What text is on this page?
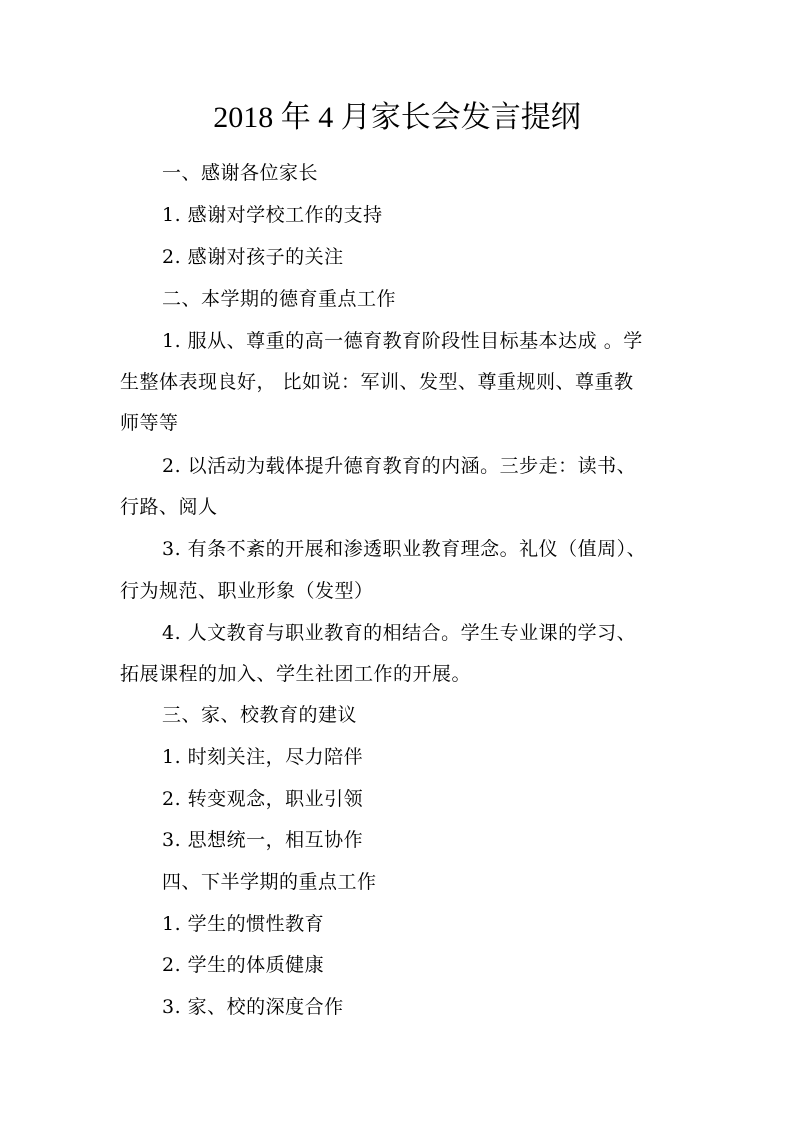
2018 年 4 月家长会发言提纲
一、感谢各位家长
1. 感谢对学校工作的支持
2. 感谢对孩子的关注
二、本学期的德育重点工作
1. 服从、尊重的高一德育教育阶段性目标基本达成 。学
生整体表现良好， 比如说：军训、发型、尊重规则、尊重教
师等等
2. 以活动为载体提升德育教育的内涵。三步走：读书、
行路、阅人
3. 有条不紊的开展和渗透职业教育理念。礼仪（值周）、
行为规范、职业形象（发型）
4. 人文教育与职业教育的相结合。学生专业课的学习、
拓展课程的加入、学生社团工作的开展。
三、家、校教育的建议
1. 时刻关注，尽力陪伴
2. 转变观念，职业引领
3. 思想统一，相互协作
四、下半学期的重点工作
1. 学生的惯性教育
2. 学生的体质健康
3. 家、校的深度合作
